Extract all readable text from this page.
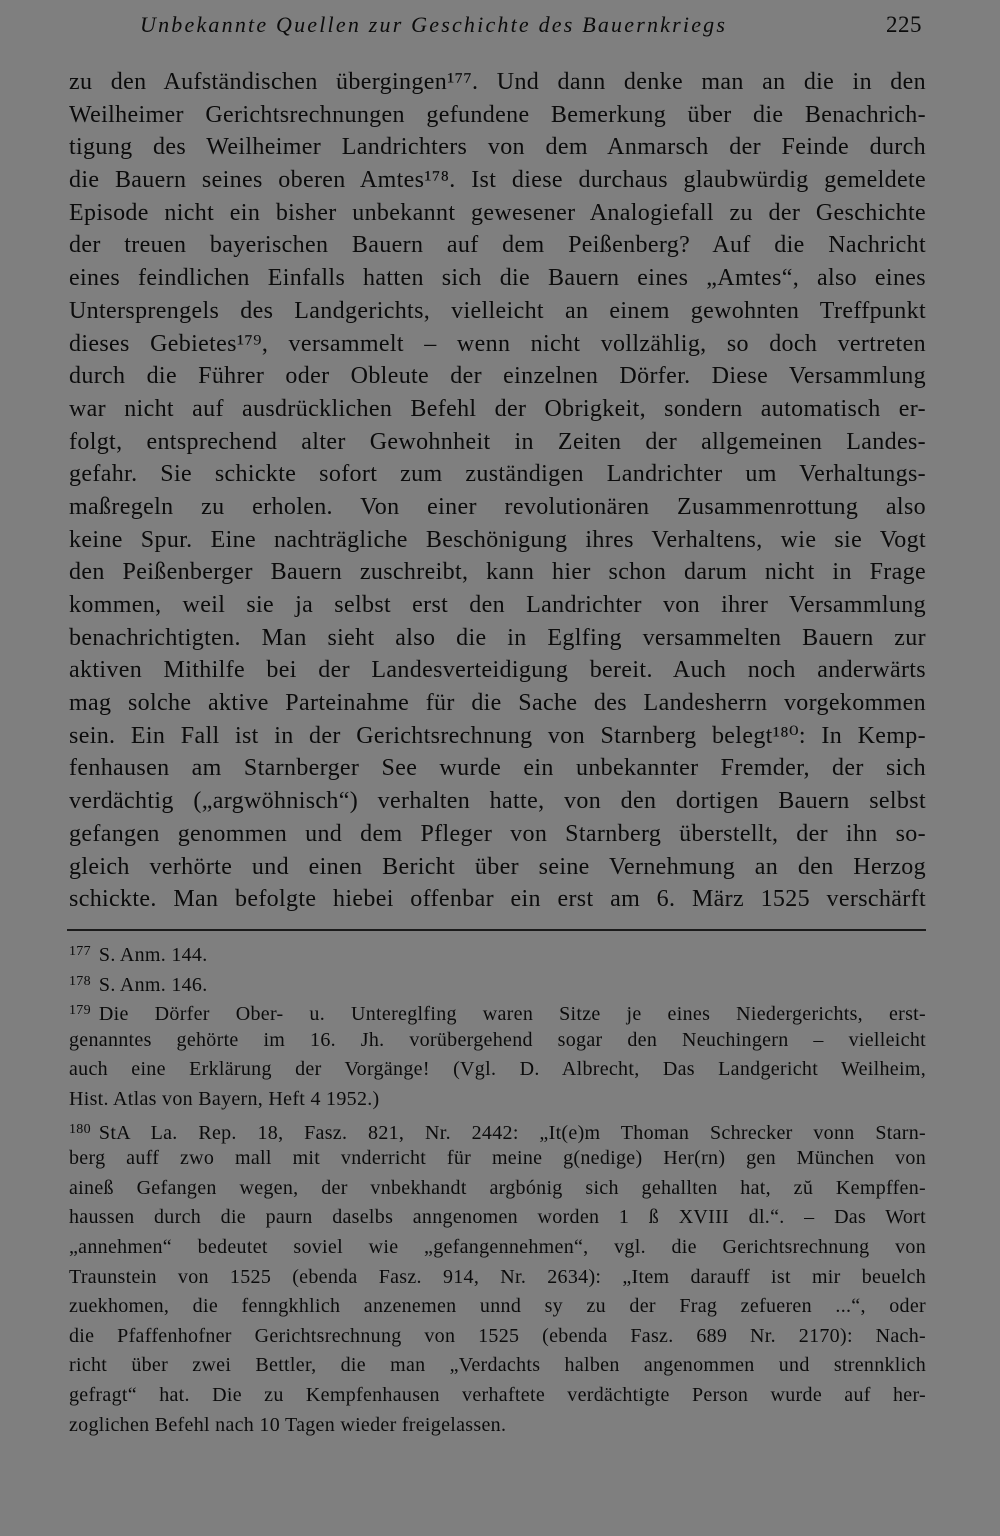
Unbekannte Quellen zur Geschichte des Bauernkriegs	225
zu den Aufständischen übergingen¹⁷⁷. Und dann denke man an die in den
Weilheimer Gerichtsrechnungen gefundene Bemerkung über die Benachrich-
tigung des Weilheimer Landrichters von dem Anmarsch der Feinde durch
die Bauern seines oberen Amtes¹⁷⁸. Ist diese durchaus glaubwürdig gemeldete
Episode nicht ein bisher unbekannt gewesener Analogiefall zu der Geschichte
der treuen bayerischen Bauern auf dem Peißenberg? Auf die Nachricht
eines feindlichen Einfalls hatten sich die Bauern eines „Amtes“, also eines
Untersprengels des Landgerichts, vielleicht an einem gewohnten Treffpunkt
dieses Gebietes¹⁷⁹, versammelt – wenn nicht vollzählig, so doch vertreten
durch die Führer oder Obleute der einzelnen Dörfer. Diese Versammlung
war nicht auf ausdrücklichen Befehl der Obrigkeit, sondern automatisch er-
folgt, entsprechend alter Gewohnheit in Zeiten der allgemeinen Landes-
gefahr. Sie schickte sofort zum zuständigen Landrichter um Verhaltungs-
maßregeln zu erholen. Von einer revolutionären Zusammenrottung also
keine Spur. Eine nachträgliche Beschönigung ihres Verhaltens, wie sie Vogt
den Peißenberger Bauern zuschreibt, kann hier schon darum nicht in Frage
kommen, weil sie ja selbst erst den Landrichter von ihrer Versammlung
benachrichtigten. Man sieht also die in Eglfing versammelten Bauern zur
aktiven Mithilfe bei der Landesverteidigung bereit. Auch noch anderwärts
mag solche aktive Parteinahme für die Sache des Landesherrn vorgekommen
sein. Ein Fall ist in der Gerichtsrechnung von Starnberg belegt¹⁸⁰: In Kemp-
fenhausen am Starnberger See wurde ein unbekannter Fremder, der sich
verdächtig („argwöhnisch“) verhalten hatte, von den dortigen Bauern selbst
gefangen genommen und dem Pfleger von Starnberg überstellt, der ihn so-
gleich verhörte und einen Bericht über seine Vernehmung an den Herzog
schickte. Man befolgte hiebei offenbar ein erst am 6. März 1525 verschärft
$^{177}$ S. Anm. 144.
$^{178}$ S. Anm. 146.
$^{179}$ Die Dörfer Ober- u. Untereglfing waren Sitze je eines Niedergerichts, erst-
genanntes gehörte im 16. Jh. vorübergehend sogar den Neuchingern – vielleicht
auch eine Erklärung der Vorgänge! (Vgl. D. Albrecht, Das Landgericht Weilheim,
Hist. Atlas von Bayern, Heft 4 1952.)
$^{180}$ StA La. Rep. 18, Fasz. 821, Nr. 2442: „It(e)m Thoman Schrecker vonn Starn-
berg auff zwo mall mit vnderricht für meine g(nedige) Her(rn) gen München von
aineß Gefangen wegen, der vnbekhandt argbónig sich gehallten hat, zŭ Kempffen-
haussen durch die paurn daselbs anngenomen worden 1 ß XVIII dl.“. – Das Wort
„annehmen“ bedeutet soviel wie „gefangennehmen“, vgl. die Gerichtsrechnung von
Traunstein von 1525 (ebenda Fasz. 914, Nr. 2634): „Item darauff ist mir beuelch
zuekhomen, die fenngkhlich anzenemen unnd sy zu der Frag zefueren ...“, oder
die Pfaffenhofner Gerichtsrechnung von 1525 (ebenda Fasz. 689 Nr. 2170): Nach-
richt über zwei Bettler, die man „Verdachts halben angenommen und strennklich
gefragt“ hat. Die zu Kempfenhausen verhaftete verdächtigte Person wurde auf her-
zoglichen Befehl nach 10 Tagen wieder freigelassen.
